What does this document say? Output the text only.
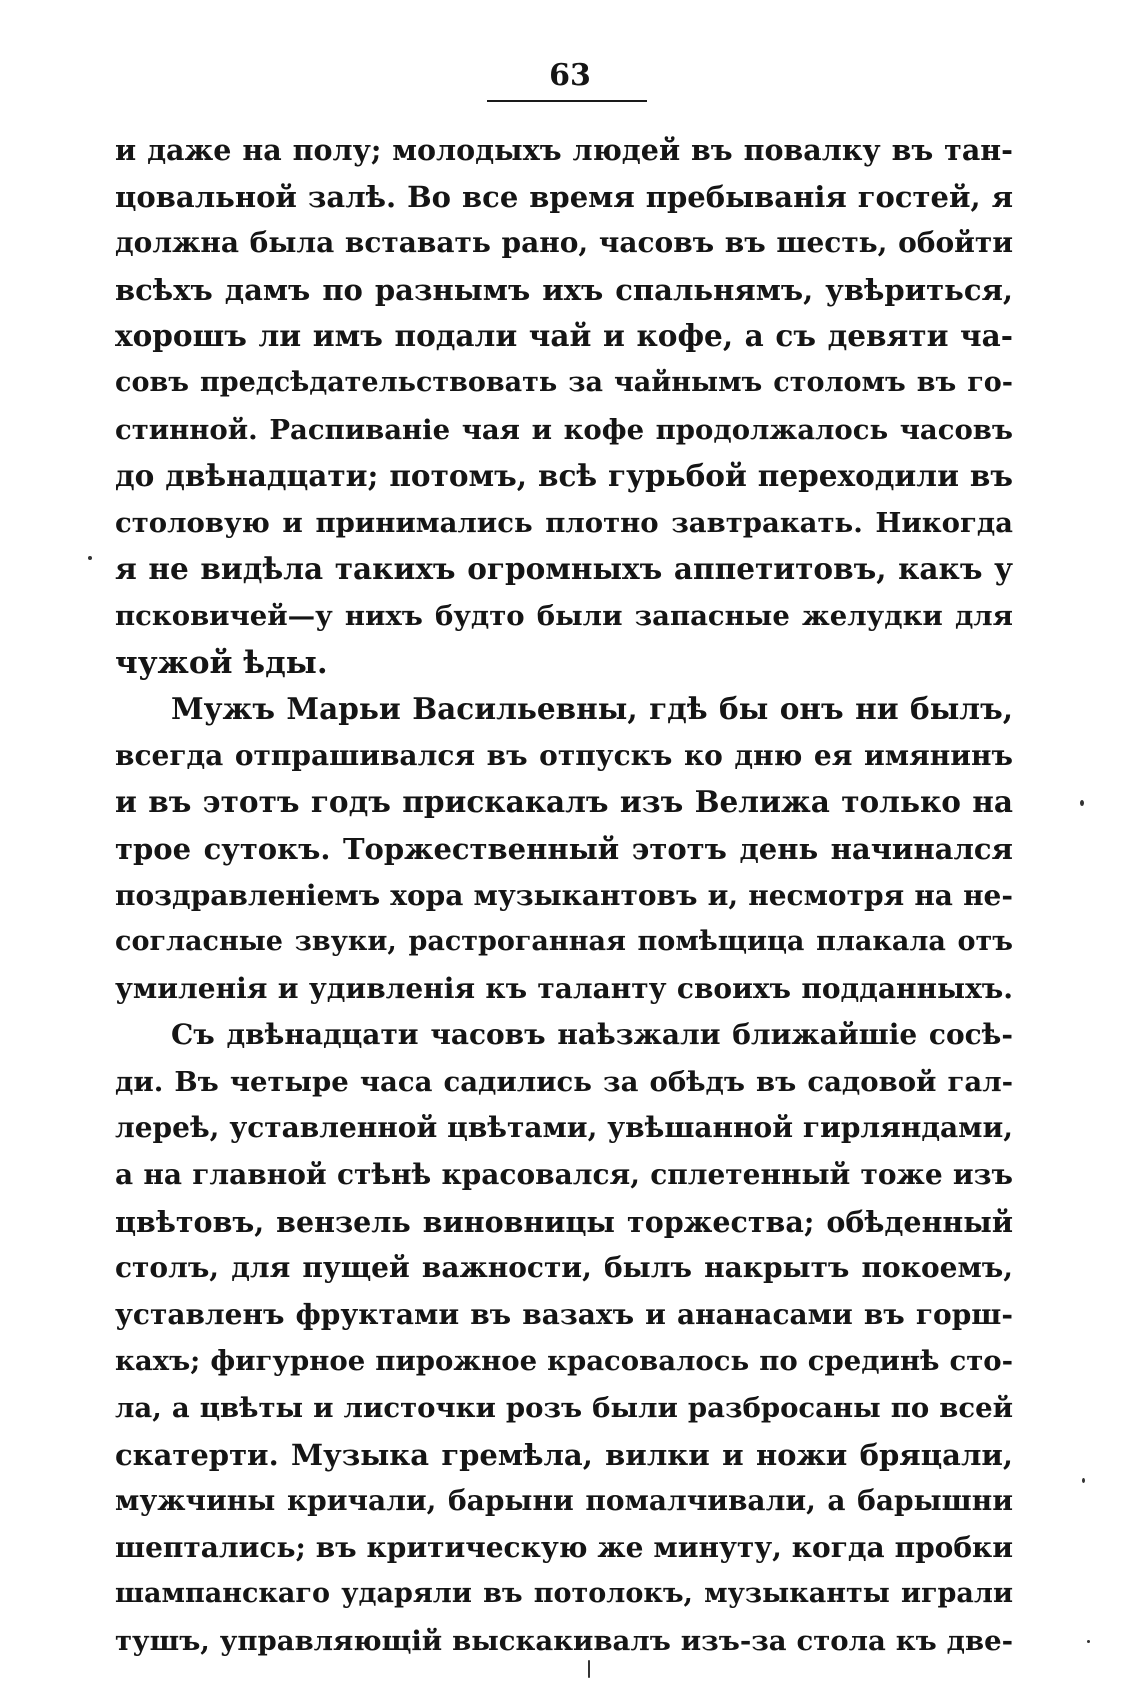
63
и даже на полу; молодыхъ людей въ повалку въ тан-
цовальной залѣ. Во все время пребыванія гостей, я
должна была вставать рано, часовъ въ шесть, обойти
всѣхъ дамъ по разнымъ ихъ спальнямъ, увѣриться,
хорошъ ли имъ подали чай и кофе, а съ девяти ча-
совъ предсѣдательствовать за чайнымъ столомъ въ го-
стинной. Распиванiе чая и кофе продолжалось часовъ
до двѣнадцати; потомъ, всѣ гурьбой переходили въ
столовую и принимались плотно завтракать. Никогда
я не видѣла такихъ огромныхъ аппетитовъ, какъ у
псковичей—у нихъ будто были запасные желудки для
чужой ѣды.
Мужъ Марьи Васильевны, гдѣ бы онъ ни былъ,
всегда отпрашивался въ отпускъ ко дню ея имянинъ
и въ этотъ годъ прискакалъ изъ Велижа только на
трое сутокъ. Торжественный этотъ день начинался
поздравленiемъ хора музыкантовъ и, несмотря на не-
согласные звуки, растроганная помѣщица плакала отъ
умиленія и удивленія къ таланту своихъ подданныхъ.
Съ двѣнадцати часовъ наѣзжали ближайшiе сосѣ-
ди. Въ четыре часа садились за обѣдъ въ садовой гал-
лереѣ, уставленной цвѣтами, увѣшанной гирляндами,
а на главной стѣнѣ красовался, сплетенный тоже изъ
цвѣтовъ, вензель виновницы торжества; обѣденный
столъ, для пущей важности, былъ накрытъ покоемъ,
уставленъ фруктами въ вазахъ и ананасами въ горш-
кахъ; фигурное пирожное красовалось по срединѣ сто-
ла, а цвѣты и листочки розъ были разбросаны по всей
скатерти. Музыка гремѣла, вилки и ножи бряцали,
мужчины кричали, барыни помалчивали, а барышни
шептались; въ критическую же минуту, когда пробки
шампанскаго ударяли въ потолокъ, музыканты играли
тушъ, управляющiй выскакивалъ изъ-за стола къ две-
